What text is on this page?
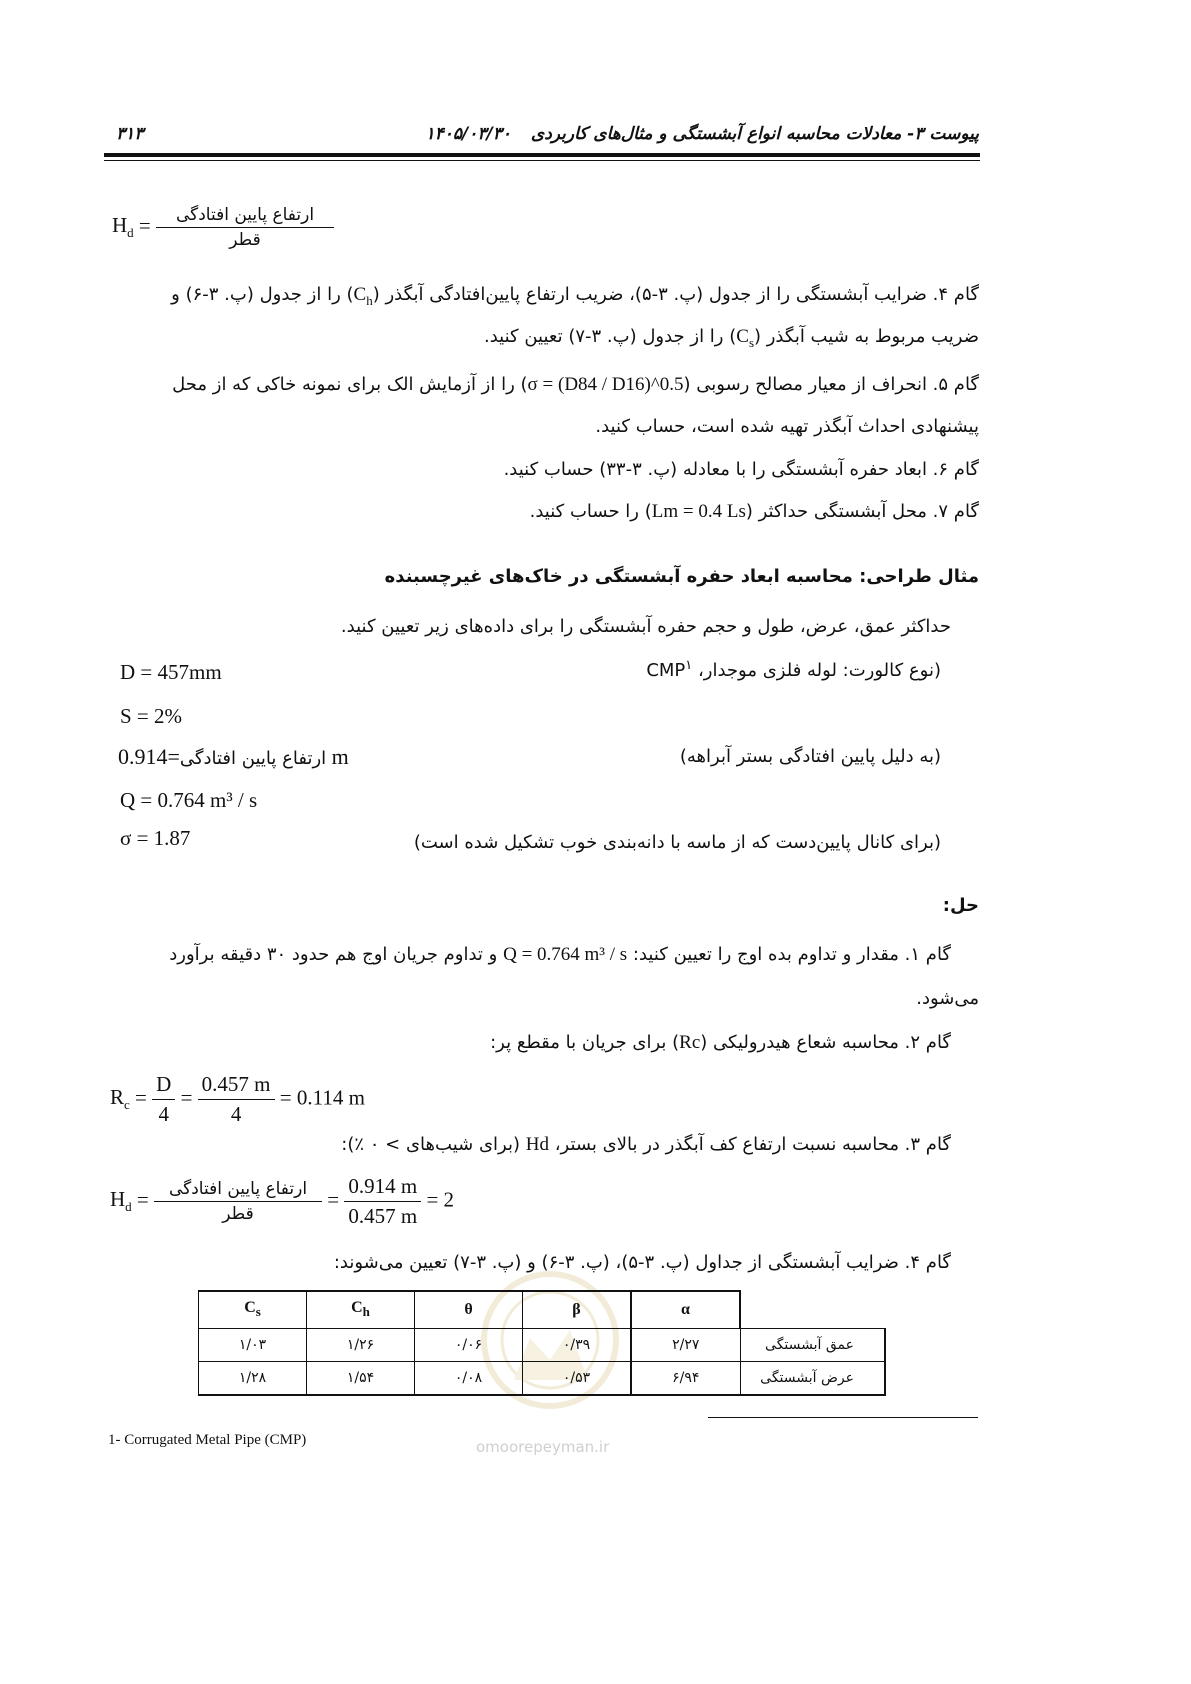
پیوست ۳- معادلات محاسبه انواع آبشستگی و مثال‌های کاربردی ۱۴۰۵/۰۳/۳۰
۳۱۳
$H_d = \frac{\text{ارتفاع پایین افتادگی}}{\text{قطر}}$
گام ۴. ضرایب آبشستگی را از جدول (پ. ۳-۵)، ضریب ارتفاع پایین‌افتادگی آبگذر $(C_h)$ را از جدول (پ. ۳-۶) و
ضریب مربوط به شیب آبگذر $(C_s)$ را از جدول (پ. ۳-۷) تعیین کنید.
گام ۵. انحراف از معیار مصالح رسوبی (σ = (D84 / D16)^0.5) را از آزمایش الک برای نمونه خاکی که از محل
پیشنهادی احداث آبگذر تهیه شده است، حساب کنید.
گام ۶. ابعاد حفره آبشستگی را با معادله (پ. ۳-۳۳) حساب کنید.
گام ۷. محل آبشستگی حداکثر (Lm = 0.4 Ls) را حساب کنید.
مثال طراحی: محاسبه ابعاد حفره آبشستگی در خاک‌های غیرچسبنده
حداکثر عمق، عرض، طول و حجم حفره آبشستگی را برای داده‌های زیر تعیین کنید.
D = 457mm	(نوع کالورت: لوله فلزی موجدار، CMP$^۱$
S = 2%
ارتفاع پایین افتادگی=0.914 m	(به دلیل پایین افتادگی بستر آبراهه)
Q = 0.764 m³ / s
σ = 1.87	(برای کانال پایین‌دست که از ماسه با دانه‌بندی خوب تشکیل شده است)
حل:
گام ۱. مقدار و تداوم بده اوج را تعیین کنید: Q = 0.764 m³ / s و تداوم جریان اوج هم حدود ۳۰ دقیقه برآورد
می‌شود.
گام ۲. محاسبه شعاع هیدرولیکی (Rc) برای جریان با مقطع پر:
$R_c = \frac{D}{4} = \frac{0.457 m}{4} = 0.114$ m
گام ۳. محاسبه نسبت ارتفاع کف آبگذر در بالای بستر، Hd (برای شیب‌های > ۰ ٪):
$H_d = \frac{\text{ارتفاع پایین افتادگی}}{\text{قطر}} = \frac{0.914 m}{0.457 m} = 2$
گام ۴. ضرایب آبشستگی از جداول (پ. ۳-۵)، (پ. ۳-۶) و (پ. ۳-۷) تعیین می‌شوند:
omoorepeyman.ir
$C_s$	$C_h$	θ	β	α	
۱/۰۳	۱/۲۶	۰/۰۶	۰/۳۹	۲/۲۷	عمق آبشستگی
۱/۲۸	۱/۵۴	۰/۰۸	۰/۵۳	۶/۹۴	عرض آبشستگی
1- Corrugated Metal Pipe (CMP)
